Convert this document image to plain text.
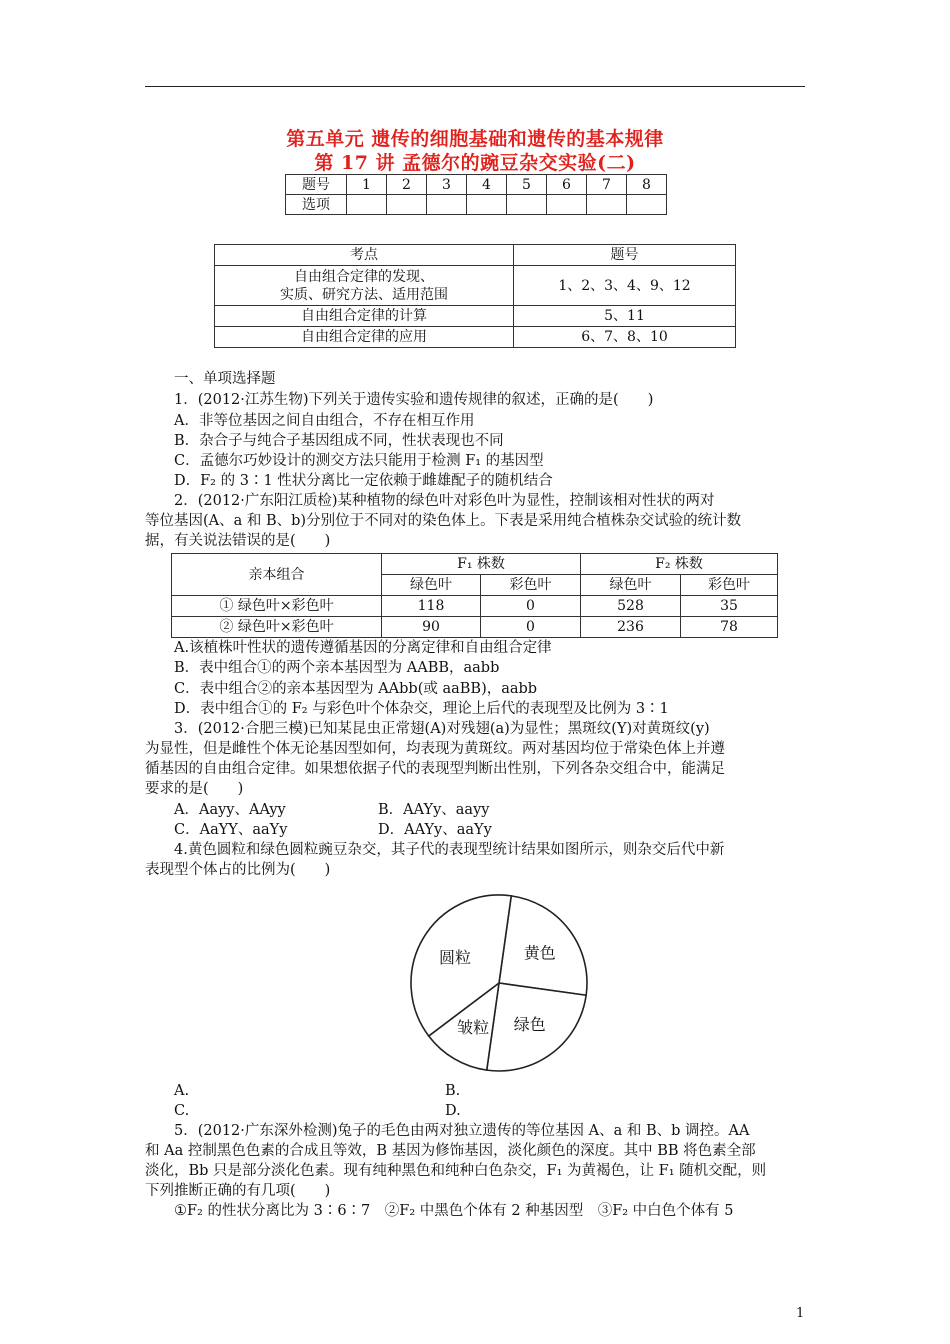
第五单元 遗传的细胞基础和遗传的基本规律
第 17 讲 孟德尔的豌豆杂交实验(二)
题号	1	2	3	4	5	6	7	8
选项								
考点	题号

自由组合定律的发现、
实质、研究方法、适用范围	1、2、3、4、9、12
自由组合定律的计算	5、11
自由组合定律的应用	6、7、8、10
一、单项选择题
1．(2012·江苏生物)下列关于遗传实验和遗传规律的叙述，正确的是(　　)
A．非等位基因之间自由组合，不存在相互作用
B．杂合子与纯合子基因组成不同，性状表现也不同
C．孟德尔巧妙设计的测交方法只能用于检测 F₁ 的基因型
D．F₂ 的 3∶1 性状分离比一定依赖于雌雄配子的随机结合
2．(2012·广东阳江质检)某种植物的绿色叶对彩色叶为显性，控制该相对性状的两对
等位基因(A、a 和 B、b)分别位于不同对的染色体上。下表是采用纯合植株杂交试验的统计数
据，有关说法错误的是(　　)
亲本组合	F₁ 株数		F₂ 株数	
	绿色叶	彩色叶	绿色叶	彩色叶
① 绿色叶×彩色叶	118	0	528	35
② 绿色叶×彩色叶	90	0	236	78
A.该植株叶性状的遗传遵循基因的分离定律和自由组合定律
B．表中组合①的两个亲本基因型为 AABB，aabb
C．表中组合②的亲本基因型为 AAbb(或 aaBB)，aabb
D．表中组合①的 F₂ 与彩色叶个体杂交，理论上后代的表现型及比例为 3∶1
3．(2012·合肥三模)已知某昆虫正常翅(A)对残翅(a)为显性；黑斑纹(Y)对黄斑纹(y)
为显性，但是雌性个体无论基因型如何，均表现为黄斑纹。两对基因均位于常染色体上并遵
循基因的自由组合定律。如果想依据子代的表现型判断出性别，下列各杂交组合中，能满足
要求的是(　　)
A．Aayy、AAyy	B．AAYy、aayy
C．AaYY、aaYy	D．AAYy、aaYy
4.黄色圆粒和绿色圆粒豌豆杂交，其子代的表现型统计结果如图所示，则杂交后代中新
表现型个体占的比例为(　　)
黄色
绿色
皱粒
圆粒
A.	B.
C.	D.
5．(2012·广东深外检测)兔子的毛色由两对独立遗传的等位基因 A、a 和 B、b 调控。AA
和 Aa 控制黑色色素的合成且等效，B 基因为修饰基因，淡化颜色的深度。其中 BB 将色素全部
淡化，Bb 只是部分淡化色素。现有纯种黑色和纯种白色杂交，F₁ 为黄褐色，让 F₁ 随机交配，则
下列推断正确的有几项(　　)
①F₂ 的性状分离比为 3∶6∶7　②F₂ 中黑色个体有 2 种基因型　③F₂ 中白色个体有 5
1
